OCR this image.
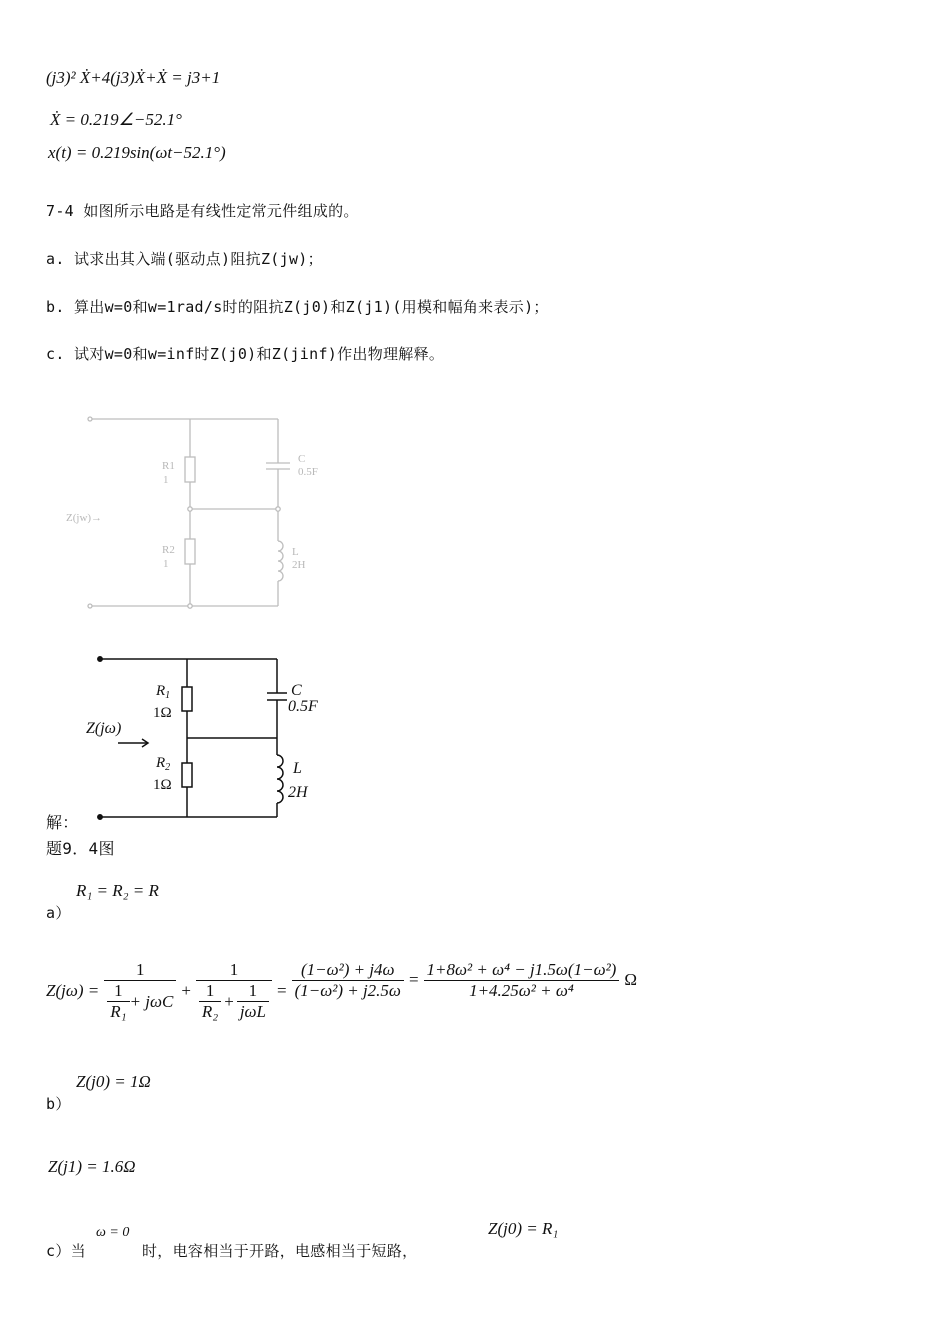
(j3)² Ẋ+4(j3)Ẋ+Ẋ = j3+1
Ẋ = 0.219∠−52.1°
x(t) = 0.219sin(ωt−52.1°)
7-4 如图所示电路是有线性定常元件组成的。
a. 试求出其入端(驱动点)阻抗Z(jw)；
b. 算出w=0和w=1rad/s时的阻抗Z(j0)和Z(j1)(用模和幅角来表示)；
c. 试对w=0和w=inf时Z(j0)和Z(jinf)作出物理解释。
R1
1
R2
1
C
0.5F
L
2H
Z(jw)→
$R_1$
1Ω
$R_2$
1Ω
C
0.5F
L
2H
Z(jω)
解：
题9．4图
a）
R₁ = R₂ = R
$Z(j\omega) = \frac{1}{\frac{1}{\text{R₁}} + j\omega C} + \frac{1}{\frac{1}{\text{R₂}} + \frac{1}{\text{jωL}}} = \frac{\text{(1−ω²) + j4ω}}{\text{(1−ω²) + j2.5ω}} = \frac{\text{1+8ω² + ω⁴ − j1.5ω(1−ω²)}}{\text{1+4.25ω² + ω⁴}}$ Ω
b）
Z(j0) = 1Ω
Z(j1) = 1.6Ω
c）当
ω = 0
时，电容相当于开路，电感相当于短路，
Z(j0) = R₁
